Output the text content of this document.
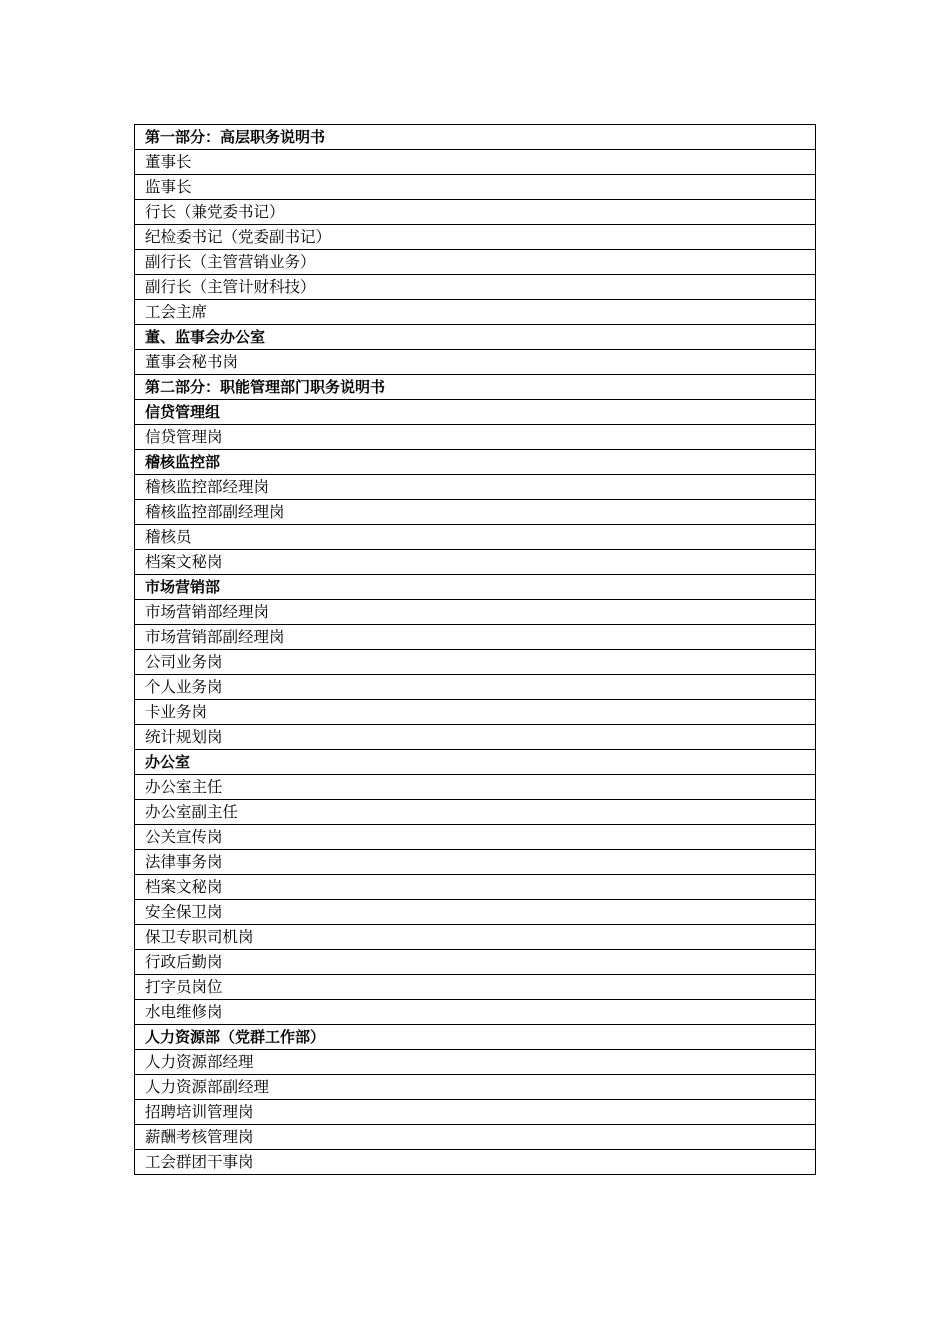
第一部分：高层职务说明书
董事长
监事长
行长（兼党委书记）
纪检委书记（党委副书记）
副行长（主管营销业务）
副行长（主管计财科技）
工会主席
董、监事会办公室
董事会秘书岗
第二部分：职能管理部门职务说明书
信贷管理组
信贷管理岗
稽核监控部
稽核监控部经理岗
稽核监控部副经理岗
稽核员
档案文秘岗
市场营销部
市场营销部经理岗
市场营销部副经理岗
公司业务岗
个人业务岗
卡业务岗
统计规划岗
办公室
办公室主任
办公室副主任
公关宣传岗
法律事务岗
档案文秘岗
安全保卫岗
保卫专职司机岗
行政后勤岗
打字员岗位
水电维修岗
人力资源部（党群工作部）
人力资源部经理
人力资源部副经理
招聘培训管理岗
薪酬考核管理岗
工会群团干事岗
